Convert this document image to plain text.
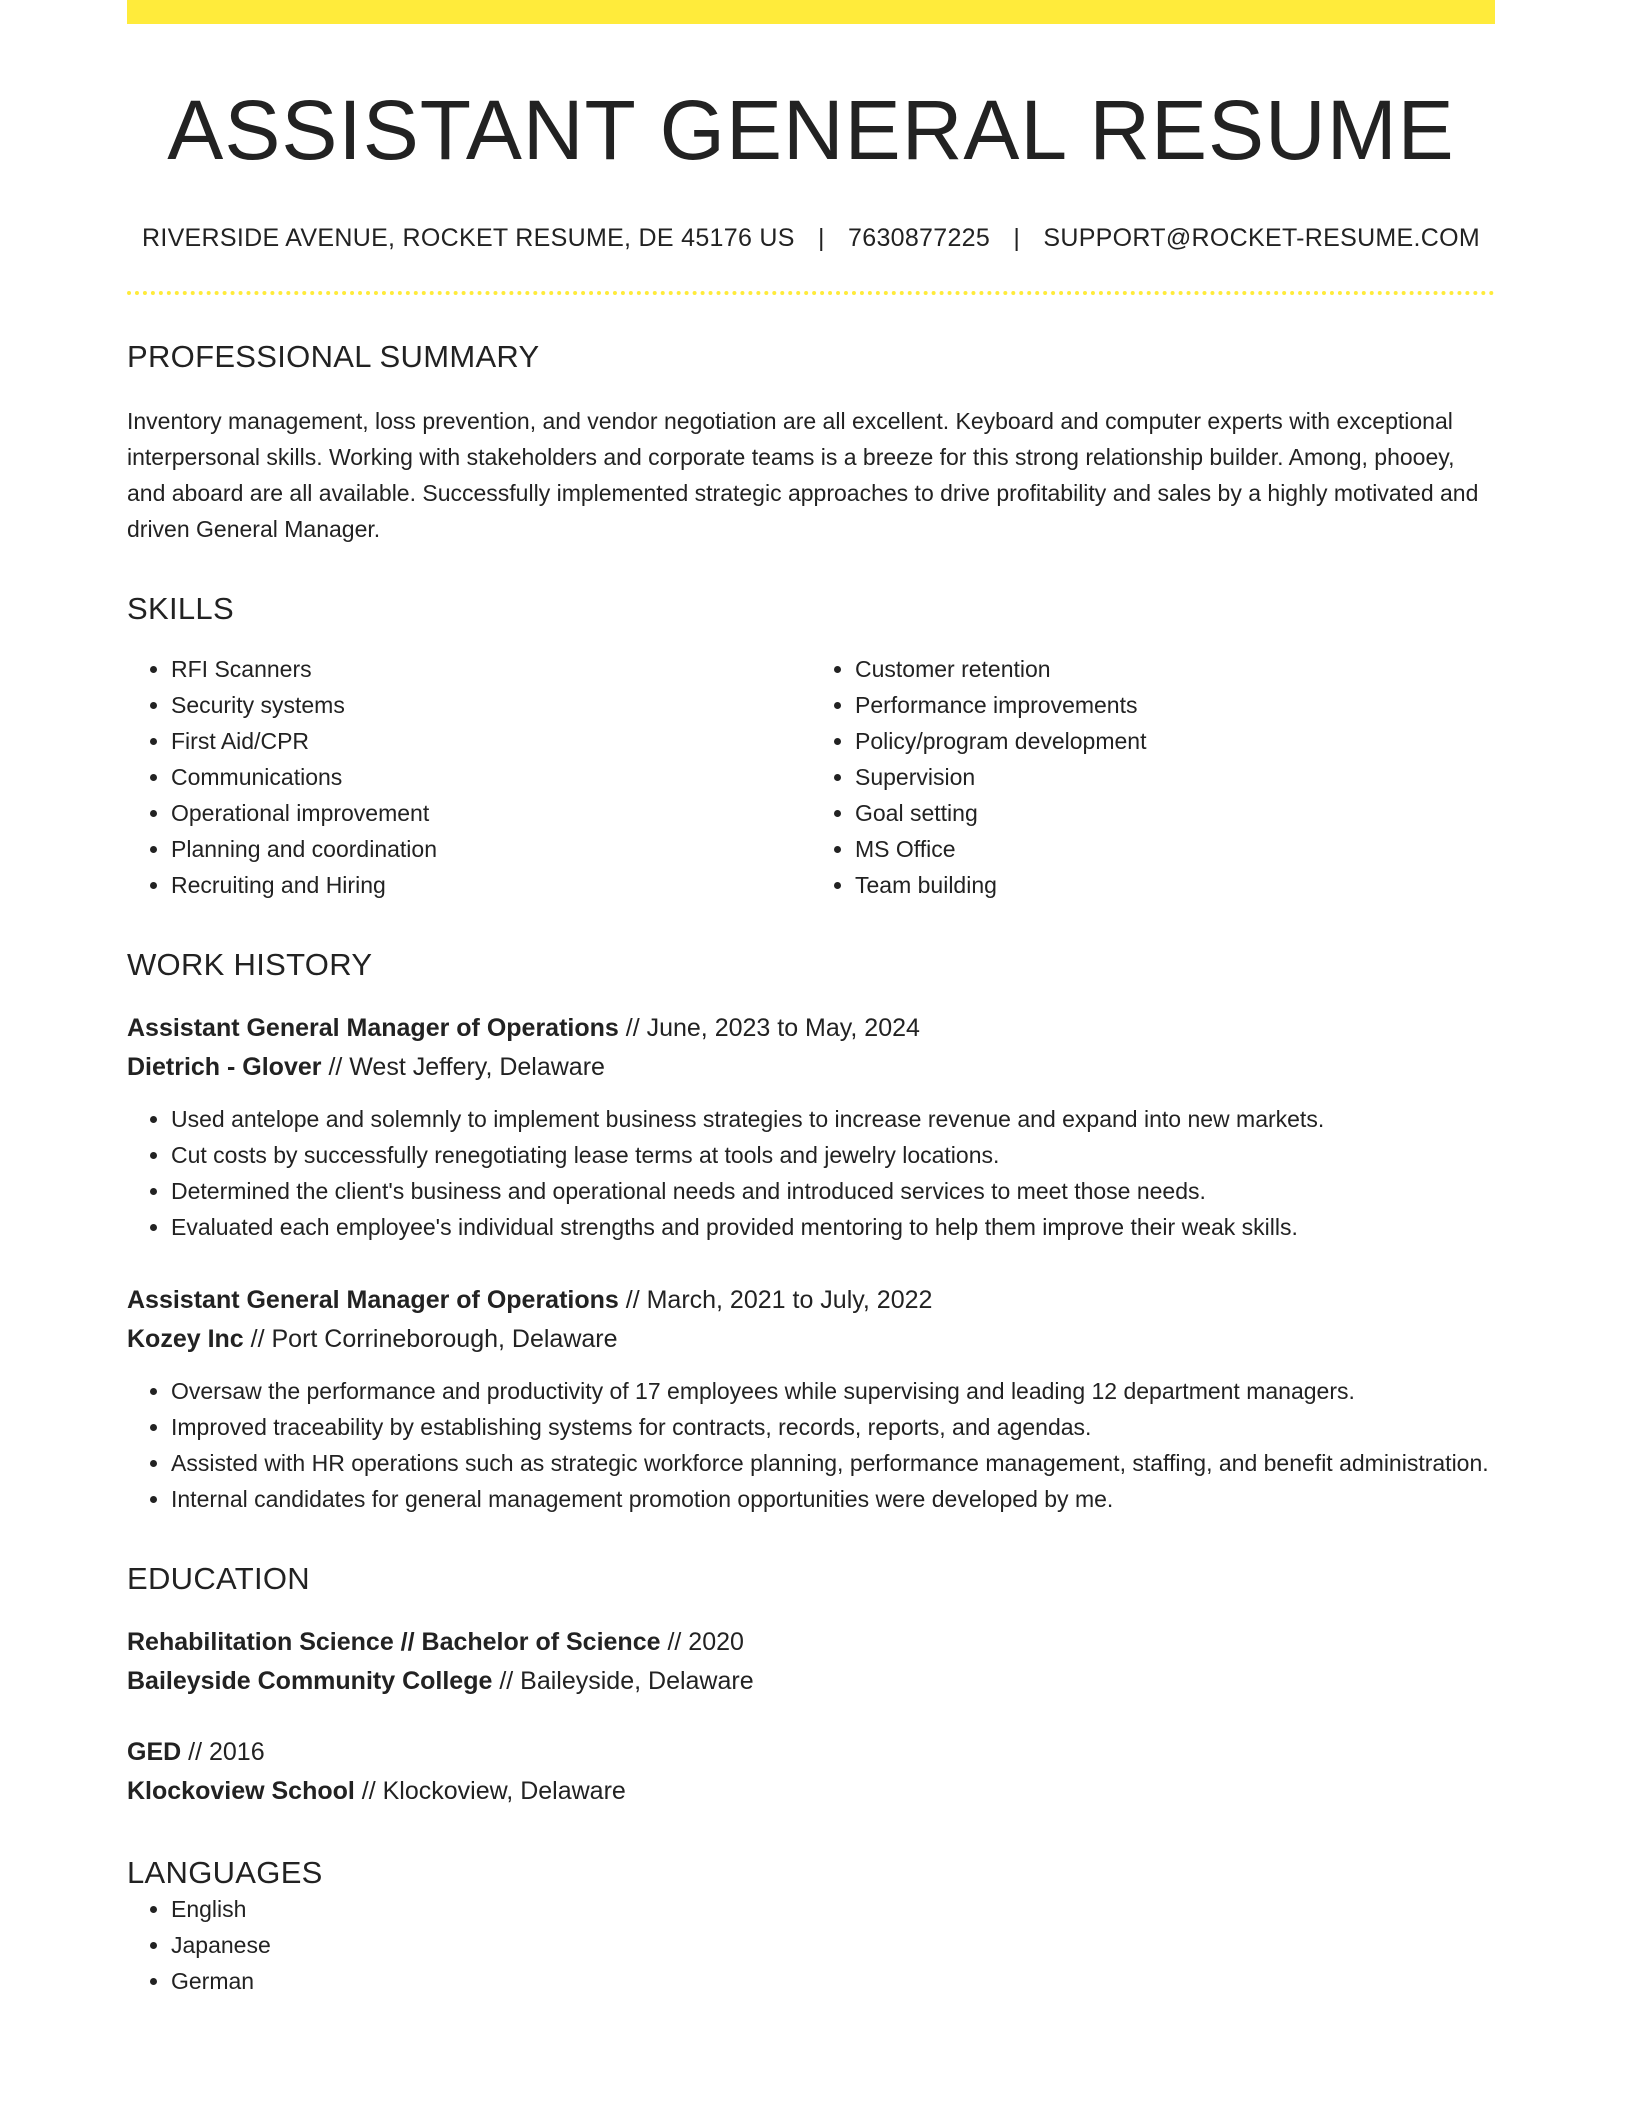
ASSISTANT GENERAL RESUME
RIVERSIDE AVENUE, ROCKET RESUME, DE 45176 US | 7630877225 | SUPPORT@ROCKET-RESUME.COM
PROFESSIONAL SUMMARY

Inventory management, loss prevention, and vendor negotiation are all excellent. Keyboard and computer experts with exceptional interpersonal skills. Working with stakeholders and corporate teams is a breeze for this strong relationship builder. Among, phooey, and aboard are all available. Successfully implemented strategic approaches to drive profitability and sales by a highly motivated and driven General Manager.

SKILLS
• RFI Scanners
• Security systems
• First Aid/CPR
• Communications
• Operational improvement
• Planning and coordination
• Recruiting and Hiring
• Customer retention
• Performance improvements
• Policy/program development
• Supervision
• Goal setting
• MS Office
• Team building
WORK HISTORY
Assistant General Manager of Operations // June, 2023 to May, 2024
Dietrich - Glover // West Jeffery, Delaware
• Used antelope and solemnly to implement business strategies to increase revenue and expand into new markets.
• Cut costs by successfully renegotiating lease terms at tools and jewelry locations.
• Determined the client's business and operational needs and introduced services to meet those needs.
• Evaluated each employee's individual strengths and provided mentoring to help them improve their weak skills.
Assistant General Manager of Operations // March, 2021 to July, 2022
Kozey Inc // Port Corrineborough, Delaware
• Oversaw the performance and productivity of 17 employees while supervising and leading 12 department managers.
• Improved traceability by establishing systems for contracts, records, reports, and agendas.
• Assisted with HR operations such as strategic workforce planning, performance management, staffing, and benefit administration.
• Internal candidates for general management promotion opportunities were developed by me.
EDUCATION
Rehabilitation Science // Bachelor of Science // 2020
Baileyside Community College // Baileyside, Delaware
GED // 2016
Klockoview School // Klockoview, Delaware
LANGUAGES
• English
• Japanese
• German
